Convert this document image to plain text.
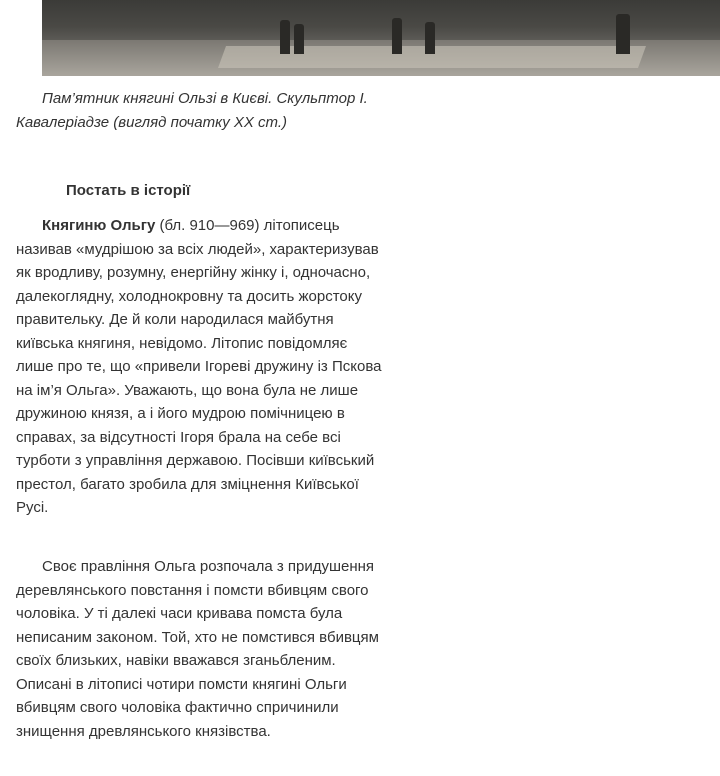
Пам’ятник княгині Ользі в Києві. Скульптор І. Кавалеріадзе (вигляд початку XX ст.)
Постать в історії

Княгиню Ольгу (бл. 910—969) літописець називав «мудрішою за всіх людей», характеризував як вродливу, розумну, енергійну жінку і, одночасно, далекоглядну, холоднокровну та досить жорстоку правительку. Де й коли народилася майбутня київська княгиня, невідомо. Літопис повідомляє лише про те, що «привели Ігореві дружину із Пскова на ім’я Ольга». Уважають, що вона була не лише дружиною князя, а і його мудрою помічницею в справах, за відсутності Ігоря брала на себе всі турботи з управління державою. Посівши київський престол, багато зробила для зміцнення Київської Русі.

Своє правління Ольга розпочала з придушення деревлянського повстання і помсти вбивцям свого чоловіка. У ті далекі часи кривава помста була неписаним законом. Той, хто не помстився вбивцям своїх близьких, навіки вважався зганьбленим. Описані в літописі чотири помсти княгині Ольги вбивцям свого чоловіка фактично спричинили знищення древлянського князівства.
